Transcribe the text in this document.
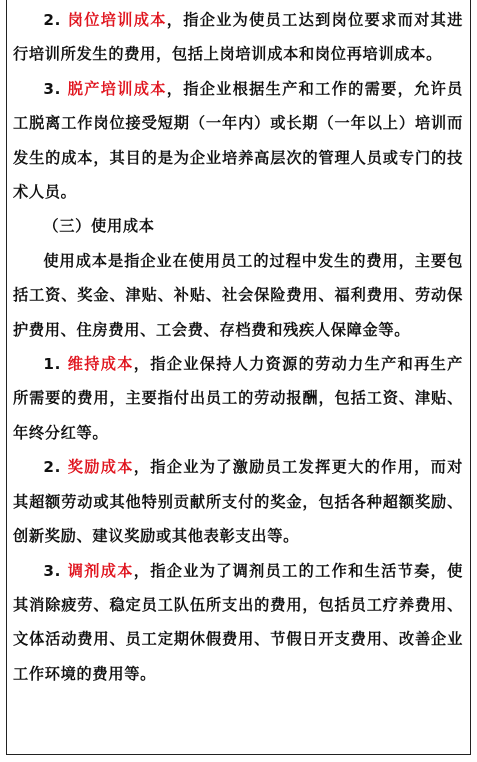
2. 岗位培训成本，指企业为使员工达到岗位要求而对其进行培训所发生的费用，包括上岗培训成本和岗位再培训成本。

3. 脱产培训成本，指企业根据生产和工作的需要，允许员工脱离工作岗位接受短期（一年内）或长期（一年以上）培训而发生的成本，其目的是为企业培养高层次的管理人员或专门的技术人员。

（三）使用成本

使用成本是指企业在使用员工的过程中发生的费用，主要包括工资、奖金、津贴、补贴、社会保险费用、福利费用、劳动保护费用、住房费用、工会费、存档费和残疾人保障金等。

1. 维持成本，指企业保持人力资源的劳动力生产和再生产所需要的费用，主要指付出员工的劳动报酬，包括工资、津贴、年终分红等。

2. 奖励成本，指企业为了激励员工发挥更大的作用，而对其超额劳动或其他特别贡献所支付的奖金，包括各种超额奖励、创新奖励、建议奖励或其他表彰支出等。

3. 调剂成本，指企业为了调剂员工的工作和生活节奏，使其消除疲劳、稳定员工队伍所支出的费用，包括员工疗养费用、文体活动费用、员工定期休假费用、节假日开支费用、改善企业工作环境的费用等。
